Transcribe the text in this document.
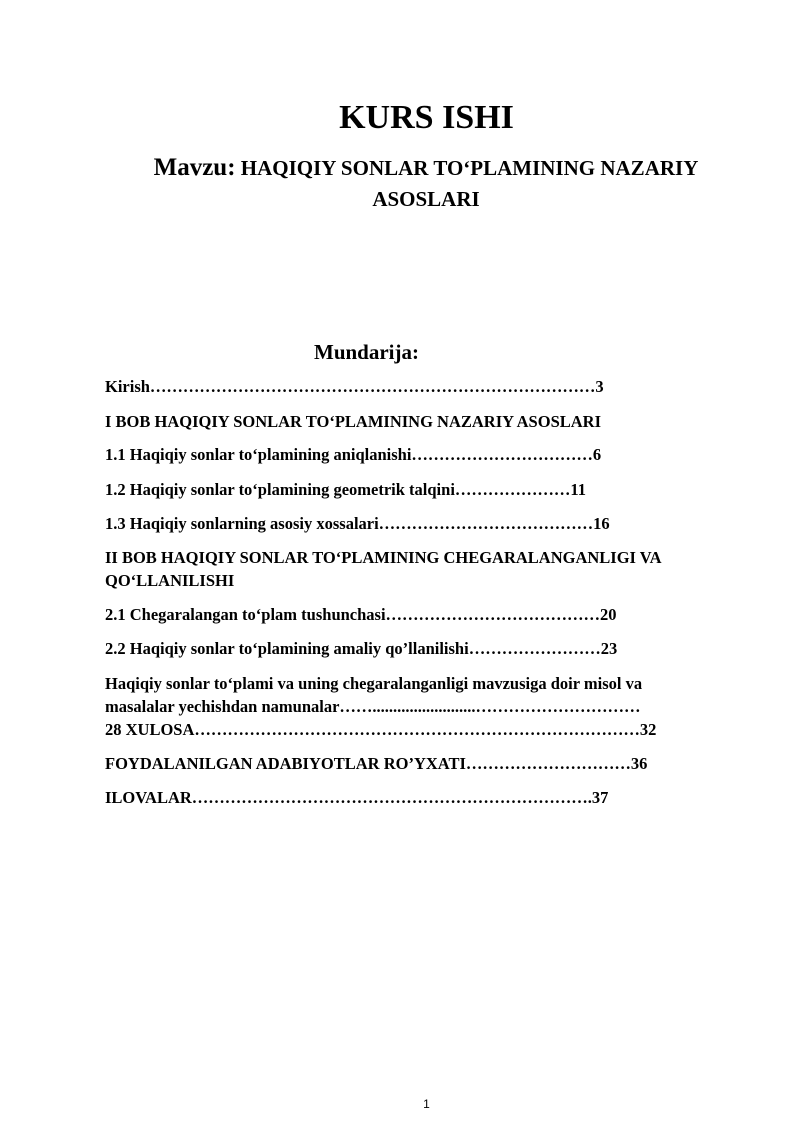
KURS ISHI
Mavzu: HAQIQIY SONLAR TO‘PLAMINING NAZARIY
ASOSLARI
Mundarija:
Kirish………………………………………………………………………3
I BOB HAQIQIY SONLAR TO‘PLAMINING NAZARIY ASOSLARI
1.1 Haqiqiy sonlar to‘plamining aniqlanishi……………………………6
1.2 Haqiqiy sonlar to‘plamining geometrik talqini…………………11
1.3 Haqiqiy sonlarning asosiy xossalari…………………………………16
II BOB HAQIQIY SONLAR TO‘PLAMINING CHEGARALANGANLIGI VA
QO‘LLANILISHI
2.1 Chegaralangan to‘plam tushunchasi…………………………………20
2.2 Haqiqiy sonlar to‘plamining amaliy qo’llanilishi……………………23
Haqiqiy sonlar to‘plami va uning chegaralanganligi mavzusiga doir misol va
masalalar yechishdan namunalar…….........................…………………………
28 XULOSA………………………………………………………………………32
FOYDALANILGAN ADABIYOTLAR RO’YXATI…………………………36
ILOVALAR……………………………………………………………….37
1
